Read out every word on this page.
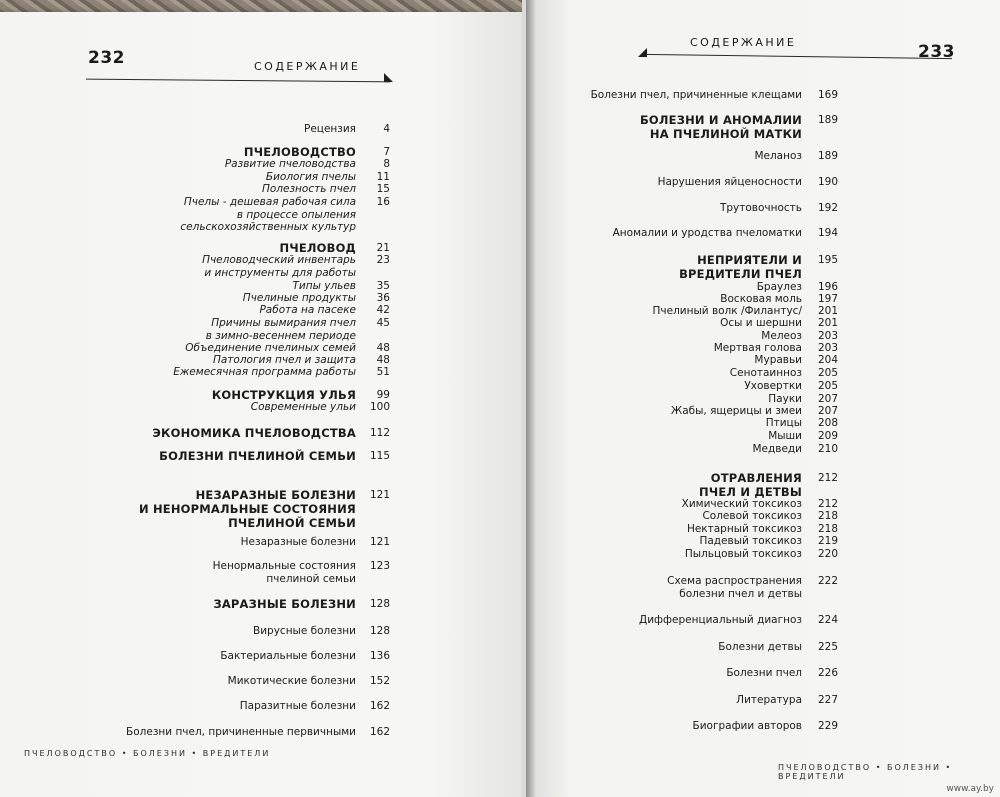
232	СОДЕРЖАНИЕ
Рецензия	4
ПЧЕЛОВОДСТВО	7
Развитие пчеловодства	8
Биология пчелы	11
Полезность пчел	15
Пчелы - дешевая рабочая сила
в процессе опыления
сельскохозяйственных культур
16
ПЧЕЛОВОД	21
Пчеловодческий инвентарь
и инструменты для работы
23
Типы ульев	35
Пчелиные продукты	36
Работа на пасеке	42
Причины вымирания пчел
в зимно-весеннем периоде
45
Объединение пчелиных семей	48
Патология пчел и защита	48
Ежемесячная программа работы	51
КОНСТРУКЦИЯ УЛЬЯ	99
Современные ульи	100
ЭКОНОМИКА ПЧЕЛОВОДСТВА	112
БОЛЕЗНИ ПЧЕЛИНОЙ СЕМЬИ	115
НЕЗАРАЗНЫЕ БОЛЕЗНИ
И НЕНОРМАЛЬНЫЕ СОСТОЯНИЯ
ПЧЕЛИНОЙ СЕМЬИ
121
Незаразные болезни	121
Ненормальные состояния
пчелиной семьи
123
ЗАРАЗНЫЕ БОЛЕЗНИ	128
Вирусные болезни	128
Бактериальные болезни	136
Микотические болезни	152
Паразитные болезни	162
Болезни пчел, причиненные первичными	162
ПЧЕЛОВОДСТВО • БОЛЕЗНИ • ВРЕДИТЕЛИ
233
СОДЕРЖАНИЕ
Болезни пчел, причиненные клещами	169
БОЛЕЗНИ И АНОМАЛИИ
НА ПЧЕЛИНОЙ МАТКИ
189
Меланоз	189
Нарушения яйценосности	190
Трутовочность	192
Аномалии и уродства пчеломатки	194
НЕПРИЯТЕЛИ И
ВРЕДИТЕЛИ ПЧЕЛ
195
Браулез	196
Восковая моль	197
Пчелиный волк /Филантус/	201
Осы и шершни	201
Мелеоз	203
Мертвая голова	203
Муравьи	204
Сенотаинноз	205
Уховертки	205
Пауки	207
Жабы, ящерицы и змеи	207
Птицы	208
Мыши	209
Медведи	210
ОТРАВЛЕНИЯ
ПЧЕЛ И ДЕТВЫ
212
Химический токсикоз	212
Солевой токсикоз	218
Нектарный токсикоз	218
Падевый токсикоз	219
Пыльцовый токсикоз	220
Схема распространения
болезни пчел и детвы
222
Дифференциальный диагноз	224
Болезни детвы	225
Болезни пчел	226
Литература	227
Биографии авторов	229
ПЧЕЛОВОДСТВО • БОЛЕЗНИ • ВРЕДИТЕЛИ
www.ay.by
